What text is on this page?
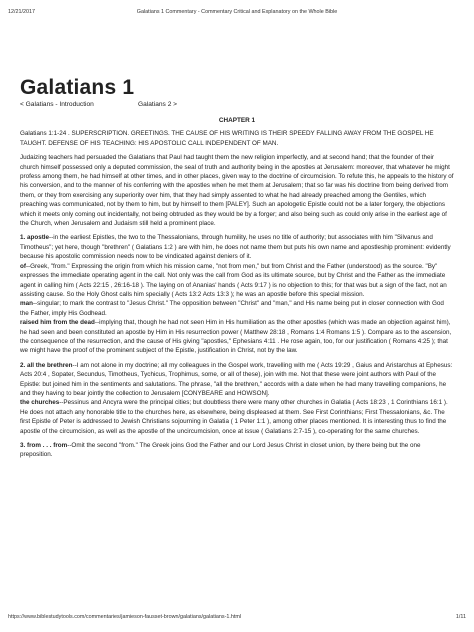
12/21/2017	Galatians 1 Commentary - Commentary Critical and Explanatory on the Whole Bible
Galatians 1
< Galatians - Introduction	Galatians 2 >
CHAPTER 1

Galatians 1:1-24 . SUPERSCRIPTION. GREETINGS. THE CAUSE OF HIS WRITING IS THEIR SPEEDY FALLING AWAY FROM THE GOSPEL HE TAUGHT. DEFENSE OF HIS TEACHING: HIS APOSTOLIC CALL INDEPENDENT OF MAN.

Judaizing teachers had persuaded the Galatians that Paul had taught them the new religion imperfectly, and at second hand; that the founder of their church himself possessed only a deputed commission, the seal of truth and authority being in the apostles at Jerusalem: moreover, that whatever he might profess among them, he had himself at other times, and in other places, given way to the doctrine of circumcision. To refute this, he appeals to the history of his conversion, and to the manner of his conferring with the apostles when he met them at Jerusalem; that so far was his doctrine from being derived from them, or they from exercising any superiority over him, that they had simply assented to what he had already preached among the Gentiles, which preaching was communicated, not by them to him, but by himself to them [PALEY]. Such an apologetic Epistle could not be a later forgery, the objections which it meets only coming out incidentally, not being obtruded as they would be by a forger; and also being such as could only arise in the earliest age of the Church, when Jerusalem and Judaism still held a prominent place.

1. apostle--in the earliest Epistles, the two to the Thessalonians, through humility, he uses no title of authority; but associates with him "Silvanus and Timotheus"; yet here, though "brethren" ( Galatians 1:2 ) are with him, he does not name them but puts his own name and apostleship prominent: evidently because his apostolic commission needs now to be vindicated against deniers of it.
of--Greek, "from." Expressing the origin from which his mission came, "not from men," but from Christ and the Father (understood) as the source. "By" expresses the immediate operating agent in the call. Not only was the call from God as its ultimate source, but by Christ and the Father as the immediate agent in calling him ( Acts 22:15 , 26:16-18 ). The laying on of Ananias' hands ( Acts 9:17 ) is no objection to this; for that was but a sign of the fact, not an assisting cause. So the Holy Ghost calls him specially ( Acts 13:2 Acts 13:3 ); he was an apostle before this special mission.
man--singular; to mark the contrast to "Jesus Christ." The opposition between "Christ" and "man," and His name being put in closer connection with God the Father, imply His Godhead.
raised him from the dead--implying that, though he had not seen Him in His humiliation as the other apostles (which was made an objection against him), he had seen and been constituted an apostle by Him in His resurrection power ( Matthew 28:18 , Romans 1:4 Romans 1:5 ). Compare as to the ascension, the consequence of the resurrection, and the cause of His giving "apostles," Ephesians 4:11 . He rose again, too, for our justification ( Romans 4:25 ); that we might have the proof of the prominent subject of the Epistle, justification in Christ, not by the law.

2. all the brethren--I am not alone in my doctrine; all my colleagues in the Gospel work, travelling with me ( Acts 19:29 , Gaius and Aristarchus at Ephesus: Acts 20:4 , Sopater, Secundus, Timotheus, Tychicus, Trophimus, some, or all of these), join with me. Not that these were joint authors with Paul of the Epistle: but joined him in the sentiments and salutations. The phrase, "all the brethren," accords with a date when he had many travelling companions, he and they having to bear jointly the collection to Jerusalem [CONYBEARE and HOWSON].
the churches--Pessinus and Ancyra were the principal cities; but doubtless there were many other churches in Galatia ( Acts 18:23 , 1 Corinthians 16:1 ). He does not attach any honorable title to the churches here, as elsewhere, being displeased at them. See First Corinthians; First Thessalonians, &c. The first Epistle of Peter is addressed to Jewish Christians sojourning in Galatia ( 1 Peter 1:1 ), among other places mentioned. It is interesting thus to find the apostle of the circumcision, as well as the apostle of the uncircumcision, once at issue ( Galatians 2:7-15 ), co-operating for the same churches.

3. from . . . from--Omit the second "from." The Greek joins God the Father and our Lord Jesus Christ in closet union, by there being but the one preposition.

https://www.biblestudytools.com/commentaries/jamieson-fausset-brown/galatians/galatians-1.html	1/11
